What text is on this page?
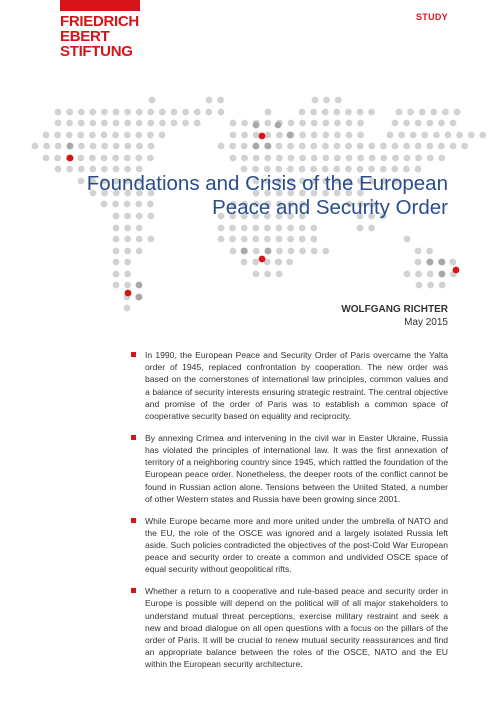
FRIEDRICH
EBERT
STIFTUNG
STUDY
Foundations and Crisis of the European
Peace and Security Order
WOLFGANG RICHTER
May 2015
In 1990, the European Peace and Security Order of Paris overcame the Yalta order of 1945, replaced confrontation by cooperation. The new order was based on the cornerstones of international law principles, common values and a balance of security interests ensuring strategic restraint. The central objective and promise of the order of Paris was to establish a common space of cooperative security based on equality and reciprocity.
By annexing Crimea and intervening in the civil war in Easter Ukraine, Russia has violated the principles of international law. It was the first annexation of territory of a neighboring country since 1945, which rattled the foundation of the European peace order. Nonetheless, the deeper roots of the conflict cannot be found in Russian action alone. Tensions between the United Stated, a number of other Western states and Russia have been growing since 2001.
While Europe became more and more united under the umbrella of NATO and the EU, the role of the OSCE was ignored and a largely isolated Russia left aside. Such policies contradicted the objectives of the post-Cold War European peace and security order to create a common and undivided OSCE space of equal security without geopolitical rifts.
Whether a return to a cooperative and rule-based peace and security order in Europe is possible will depend on the political will of all major stakeholders to understand mutual threat perceptions, exercise military restraint and seek a new and broad dialogue on all open questions with a focus on the pillars of the order of Paris. It will be crucial to renew mutual security reassurances and find an appropriate balance between the roles of the OSCE, NATO and the EU within the European security architecture.
